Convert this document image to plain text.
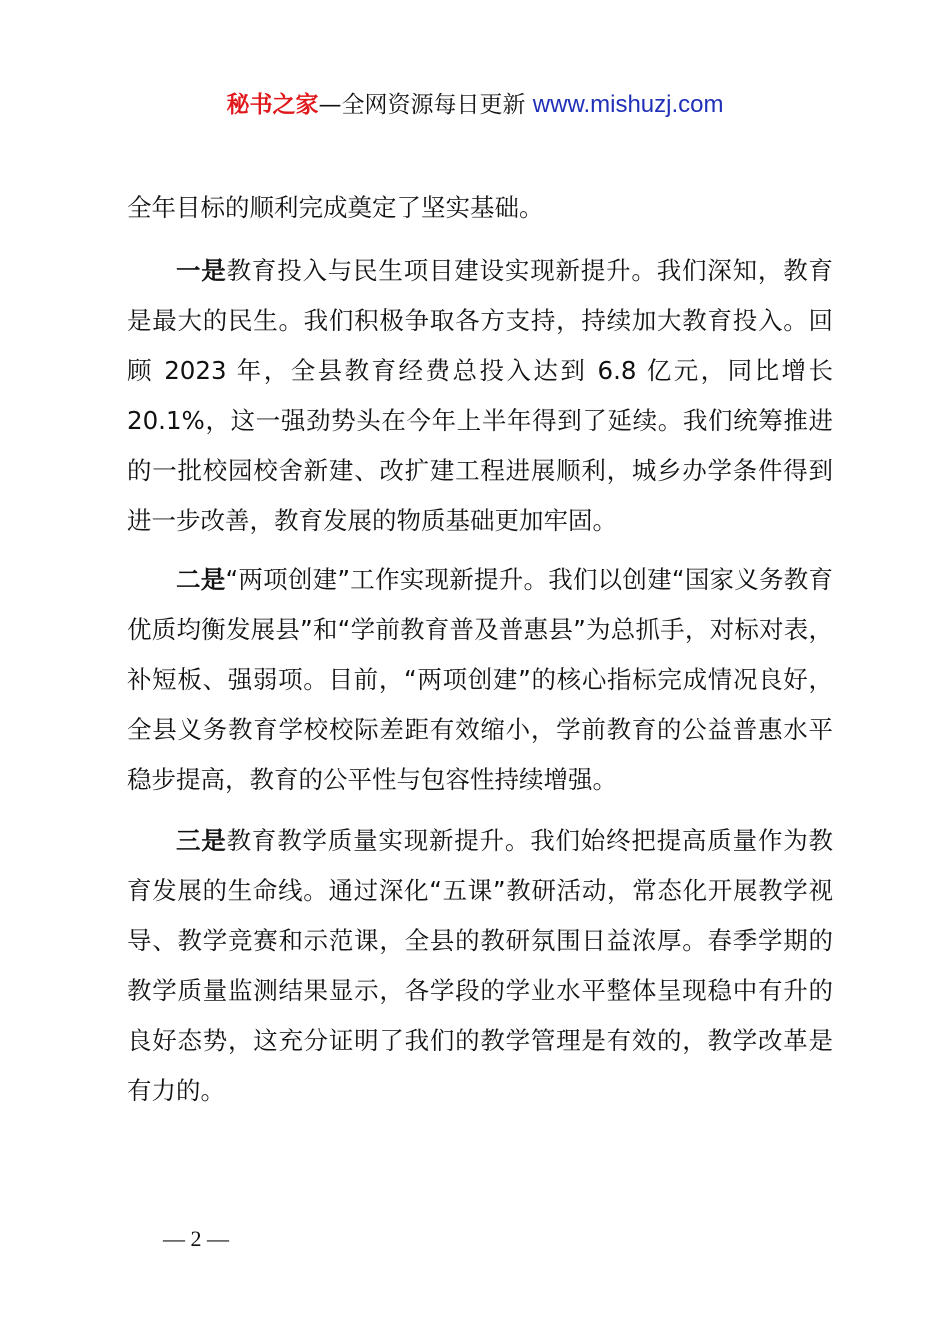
秘书之家—全网资源每日更新 www.mishuzj.com

全年目标的顺利完成奠定了坚实基础。

一是教育投入与民生项目建设实现新提升。我们深知，教育是最大的民生。我们积极争取各方支持，持续加大教育投入。回顾 2023 年，全县教育经费总投入达到 6.8 亿元，同比增长 20.1%，这一强劲势头在今年上半年得到了延续。我们统筹推进的一批校园校舍新建、改扩建工程进展顺利，城乡办学条件得到进一步改善，教育发展的物质基础更加牢固。

二是“两项创建”工作实现新提升。我们以创建“国家义务教育优质均衡发展县”和“学前教育普及普惠县”为总抓手，对标对表，补短板、强弱项。目前，“两项创建”的核心指标完成情况良好，全县义务教育学校校际差距有效缩小，学前教育的公益普惠水平稳步提高，教育的公平性与包容性持续增强。

三是教育教学质量实现新提升。我们始终把提高质量作为教育发展的生命线。通过深化“五课”教研活动，常态化开展教学视导、教学竞赛和示范课，全县的教研氛围日益浓厚。春季学期的教学质量监测结果显示，各学段的学业水平整体呈现稳中有升的良好态势，这充分证明了我们的教学管理是有效的，教学改革是有力的。

— 2 —
